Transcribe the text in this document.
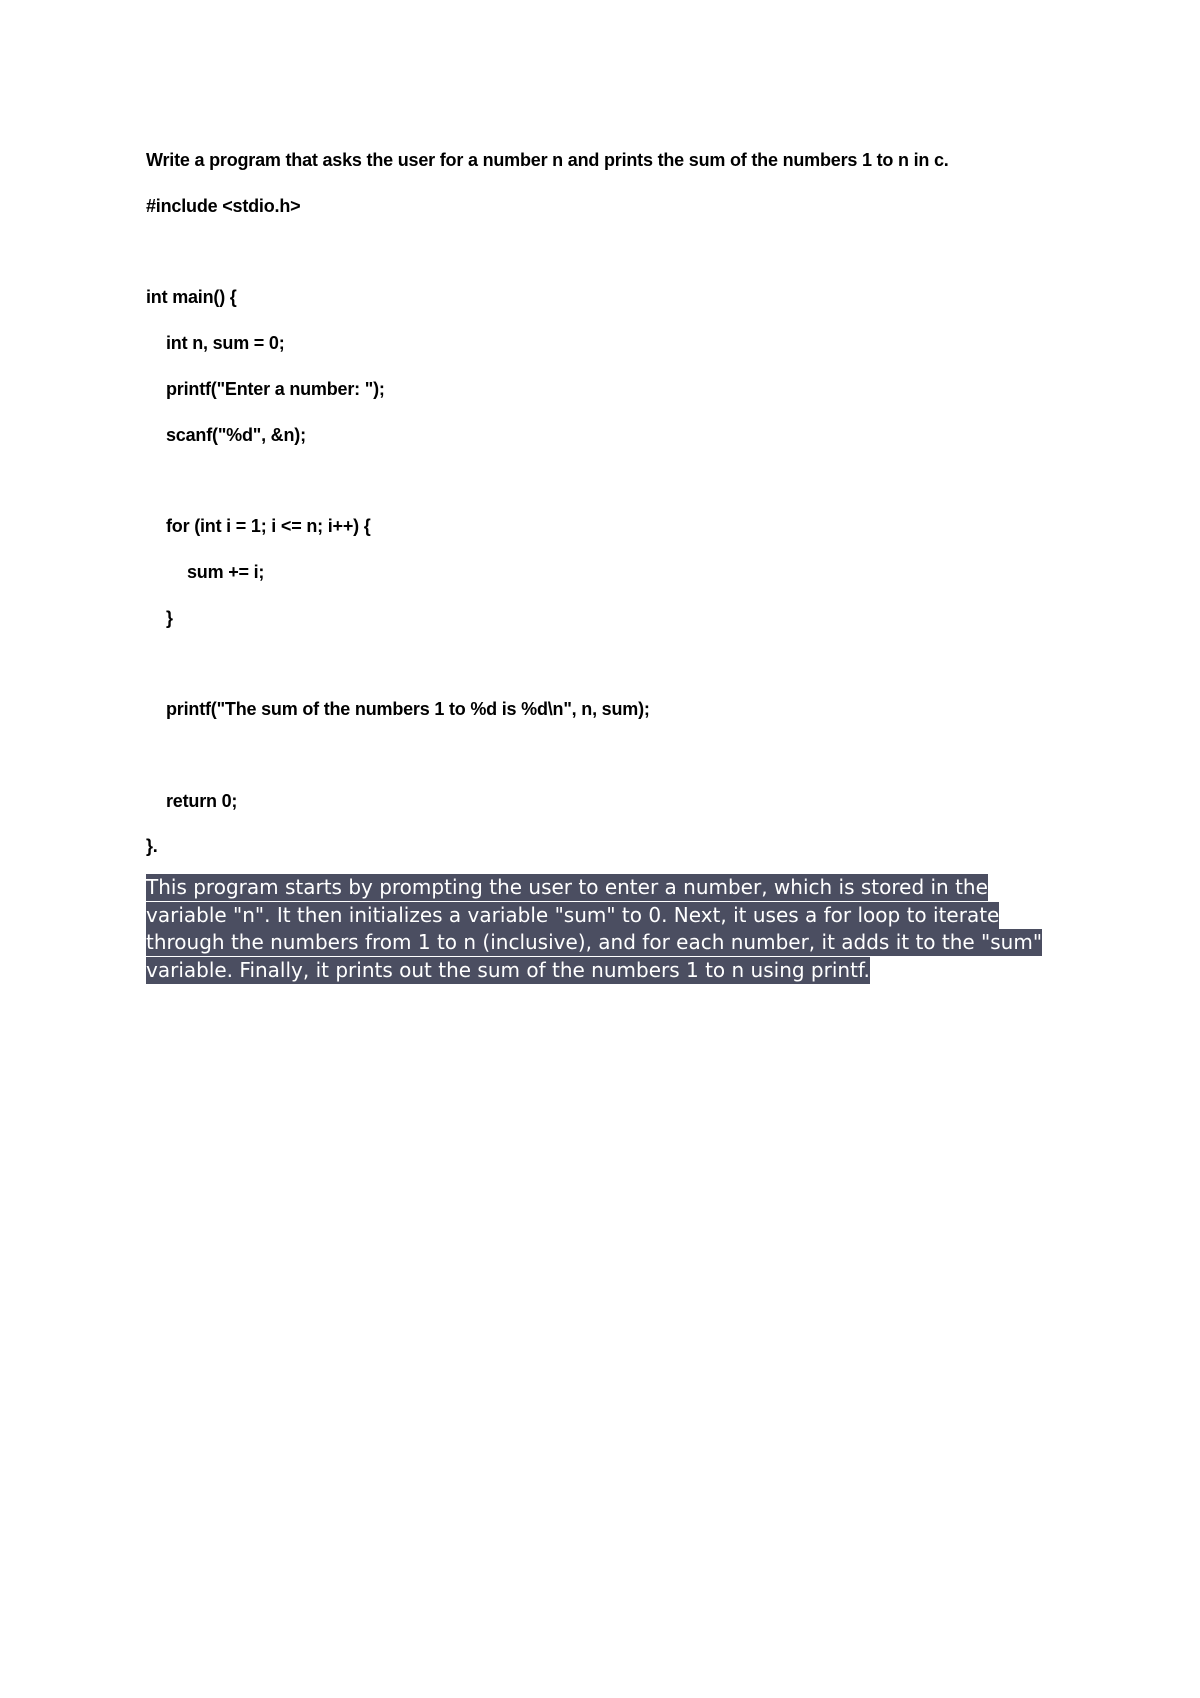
Write a program that asks the user for a number n and prints the sum of the numbers 1 to n in c.

#include <stdio.h>

int main() {

int n, sum = 0;

printf("Enter a number: ");

scanf("%d", &n);

for (int i = 1; i <= n; i++) {

sum += i;

}

printf("The sum of the numbers 1 to %d is %d\n", n, sum);

return 0;

}.

This program starts by prompting the user to enter a number, which is stored in the variable "n". It then initializes a variable "sum" to 0. Next, it uses a for loop to iterate through the numbers from 1 to n (inclusive), and for each number, it adds it to the "sum" variable. Finally, it prints out the sum of the numbers 1 to n using printf.
